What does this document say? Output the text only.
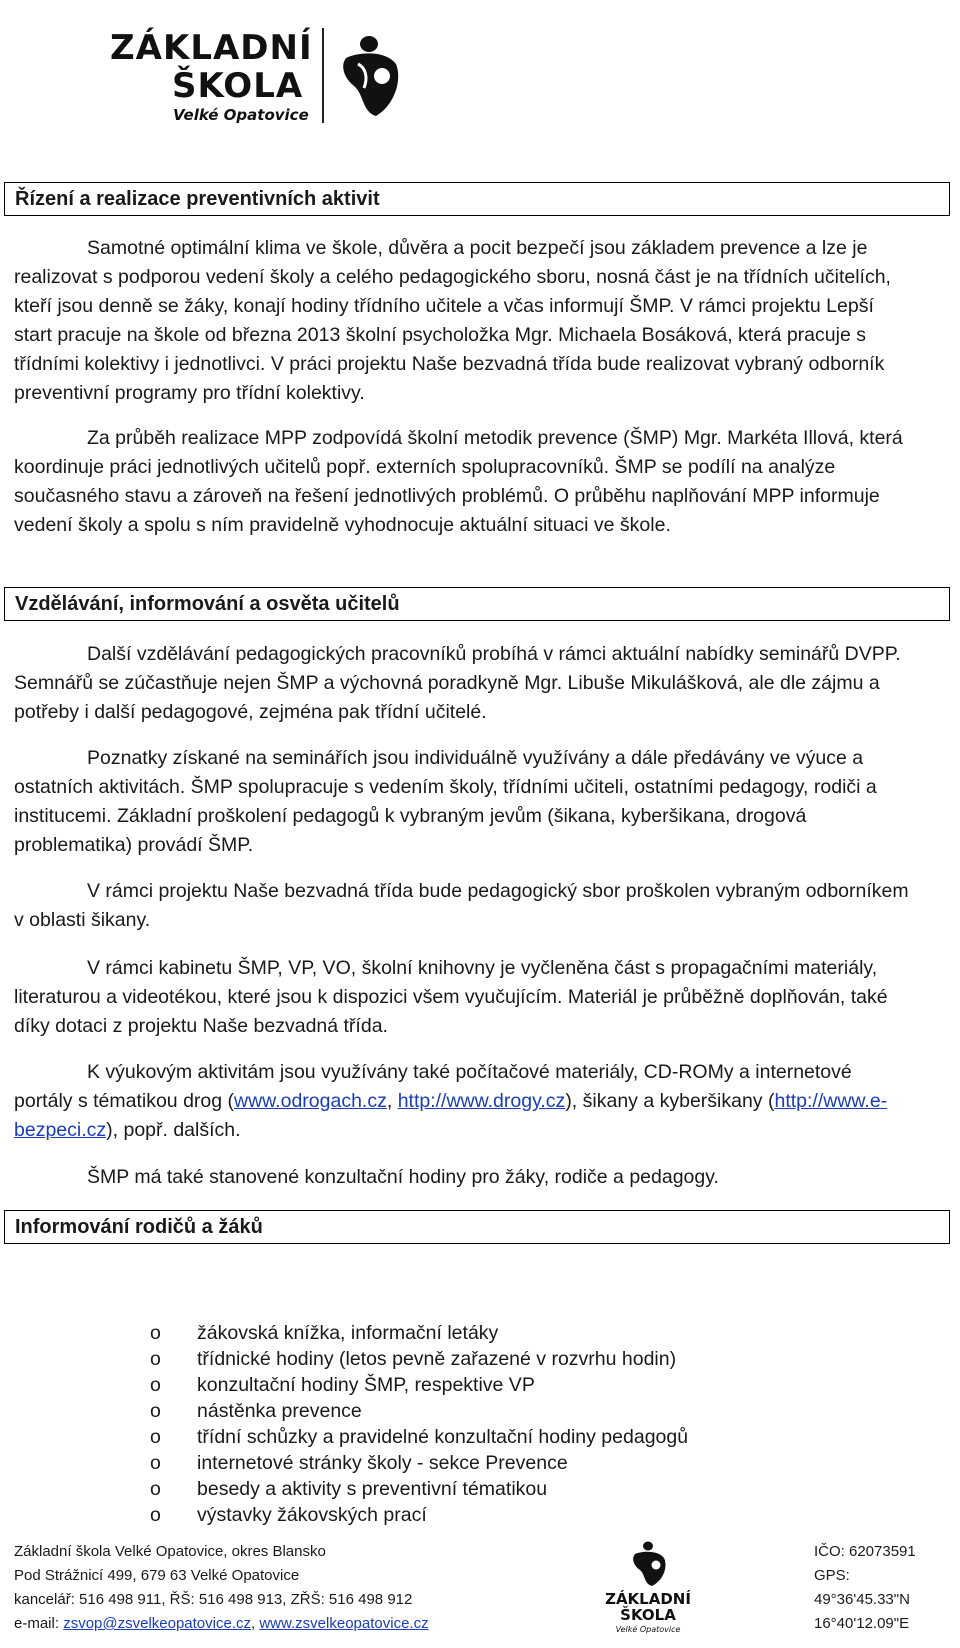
ZÁKLADNÍ
ŠKOLA
Velké Opatovice
Řízení a realizace preventivních aktivit

Samotné optimální klima ve škole, důvěra a pocit bezpečí jsou základem prevence a lze je realizovat s podporou vedení školy a celého pedagogického sboru, nosná část je na třídních učitelích, kteří jsou denně se žáky, konají hodiny třídního učitele a včas informují ŠMP. V rámci projektu Lepší start pracuje na škole od března 2013 školní psycholožka Mgr. Michaela Bosáková, která pracuje s třídními kolektivy i jednotlivci. V práci projektu Naše bezvadná třída bude realizovat vybraný odborník preventivní programy pro třídní kolektivy.

Za průběh realizace MPP zodpovídá školní metodik prevence (ŠMP) Mgr. Markéta Illová, která koordinuje práci jednotlivých učitelů popř. externích spolupracovníků. ŠMP se podílí na analýze současného stavu a zároveň na řešení jednotlivých problémů. O průběhu naplňování MPP informuje vedení školy a spolu s ním pravidelně vyhodnocuje aktuální situaci ve škole.

Vzdělávání, informování a osvěta učitelů

Další vzdělávání pedagogických pracovníků probíhá v rámci aktuální nabídky seminářů DVPP. Semnářů se zúčastňuje nejen ŠMP a výchovná poradkyně Mgr. Libuše Mikulášková, ale dle zájmu a potřeby i další pedagogové, zejména pak třídní učitelé.

Poznatky získané na seminářích jsou individuálně využívány a dále předávány ve výuce a ostatních aktivitách. ŠMP spolupracuje s vedením školy, třídními učiteli, ostatními pedagogy, rodiči a institucemi. Základní proškolení pedagogů k vybraným jevům (šikana, kyberšikana, drogová problematika) provádí ŠMP.

V rámci projektu Naše bezvadná třída bude pedagogický sbor proškolen vybraným odborníkem v oblasti šikany.

V rámci kabinetu ŠMP, VP, VO, školní knihovny je vyčleněna část s propagačními materiály, literaturou a videotékou, které jsou k dispozici všem vyučujícím. Materiál je průběžně doplňován, také díky dotaci z projektu Naše bezvadná třída.

K výukovým aktivitám jsou využívány také počítačové materiály, CD-ROMy a internetové portály s tématikou drog (www.odrogach.cz, http://www.drogy.cz), šikany a kyberšikany (http://www.e-bezpeci.cz), popř. dalších.

ŠMP má také stanovené konzultační hodiny pro žáky, rodiče a pedagogy.

Informování rodičů a žáků
o žákovská knížka, informační letáky
o třídnické hodiny (letos pevně zařazené v rozvrhu hodin)
o konzultační hodiny ŠMP, respektive VP
o nástěnka prevence
o třídní schůzky a pravidelné konzultační hodiny pedagogů
o internetové stránky školy - sekce Prevence
o besedy a aktivity s preventivní tématikou
o výstavky žákovských prací
Základní škola Velké Opatovice, okres Blansko
Pod Strážnicí 499, 679 63 Velké Opatovice
kancelář: 516 498 911, ŘŠ: 516 498 913, ZŘŠ: 516 498 912
e-mail: zsvop@zsvelkeopatovice.cz, www.zsvelkeopatovice.cz
ZÁKLADNÍ
ŠKOLA
Velké Opatovice
IČO: 62073591
GPS:
49°36'45.33"N
16°40'12.09"E
